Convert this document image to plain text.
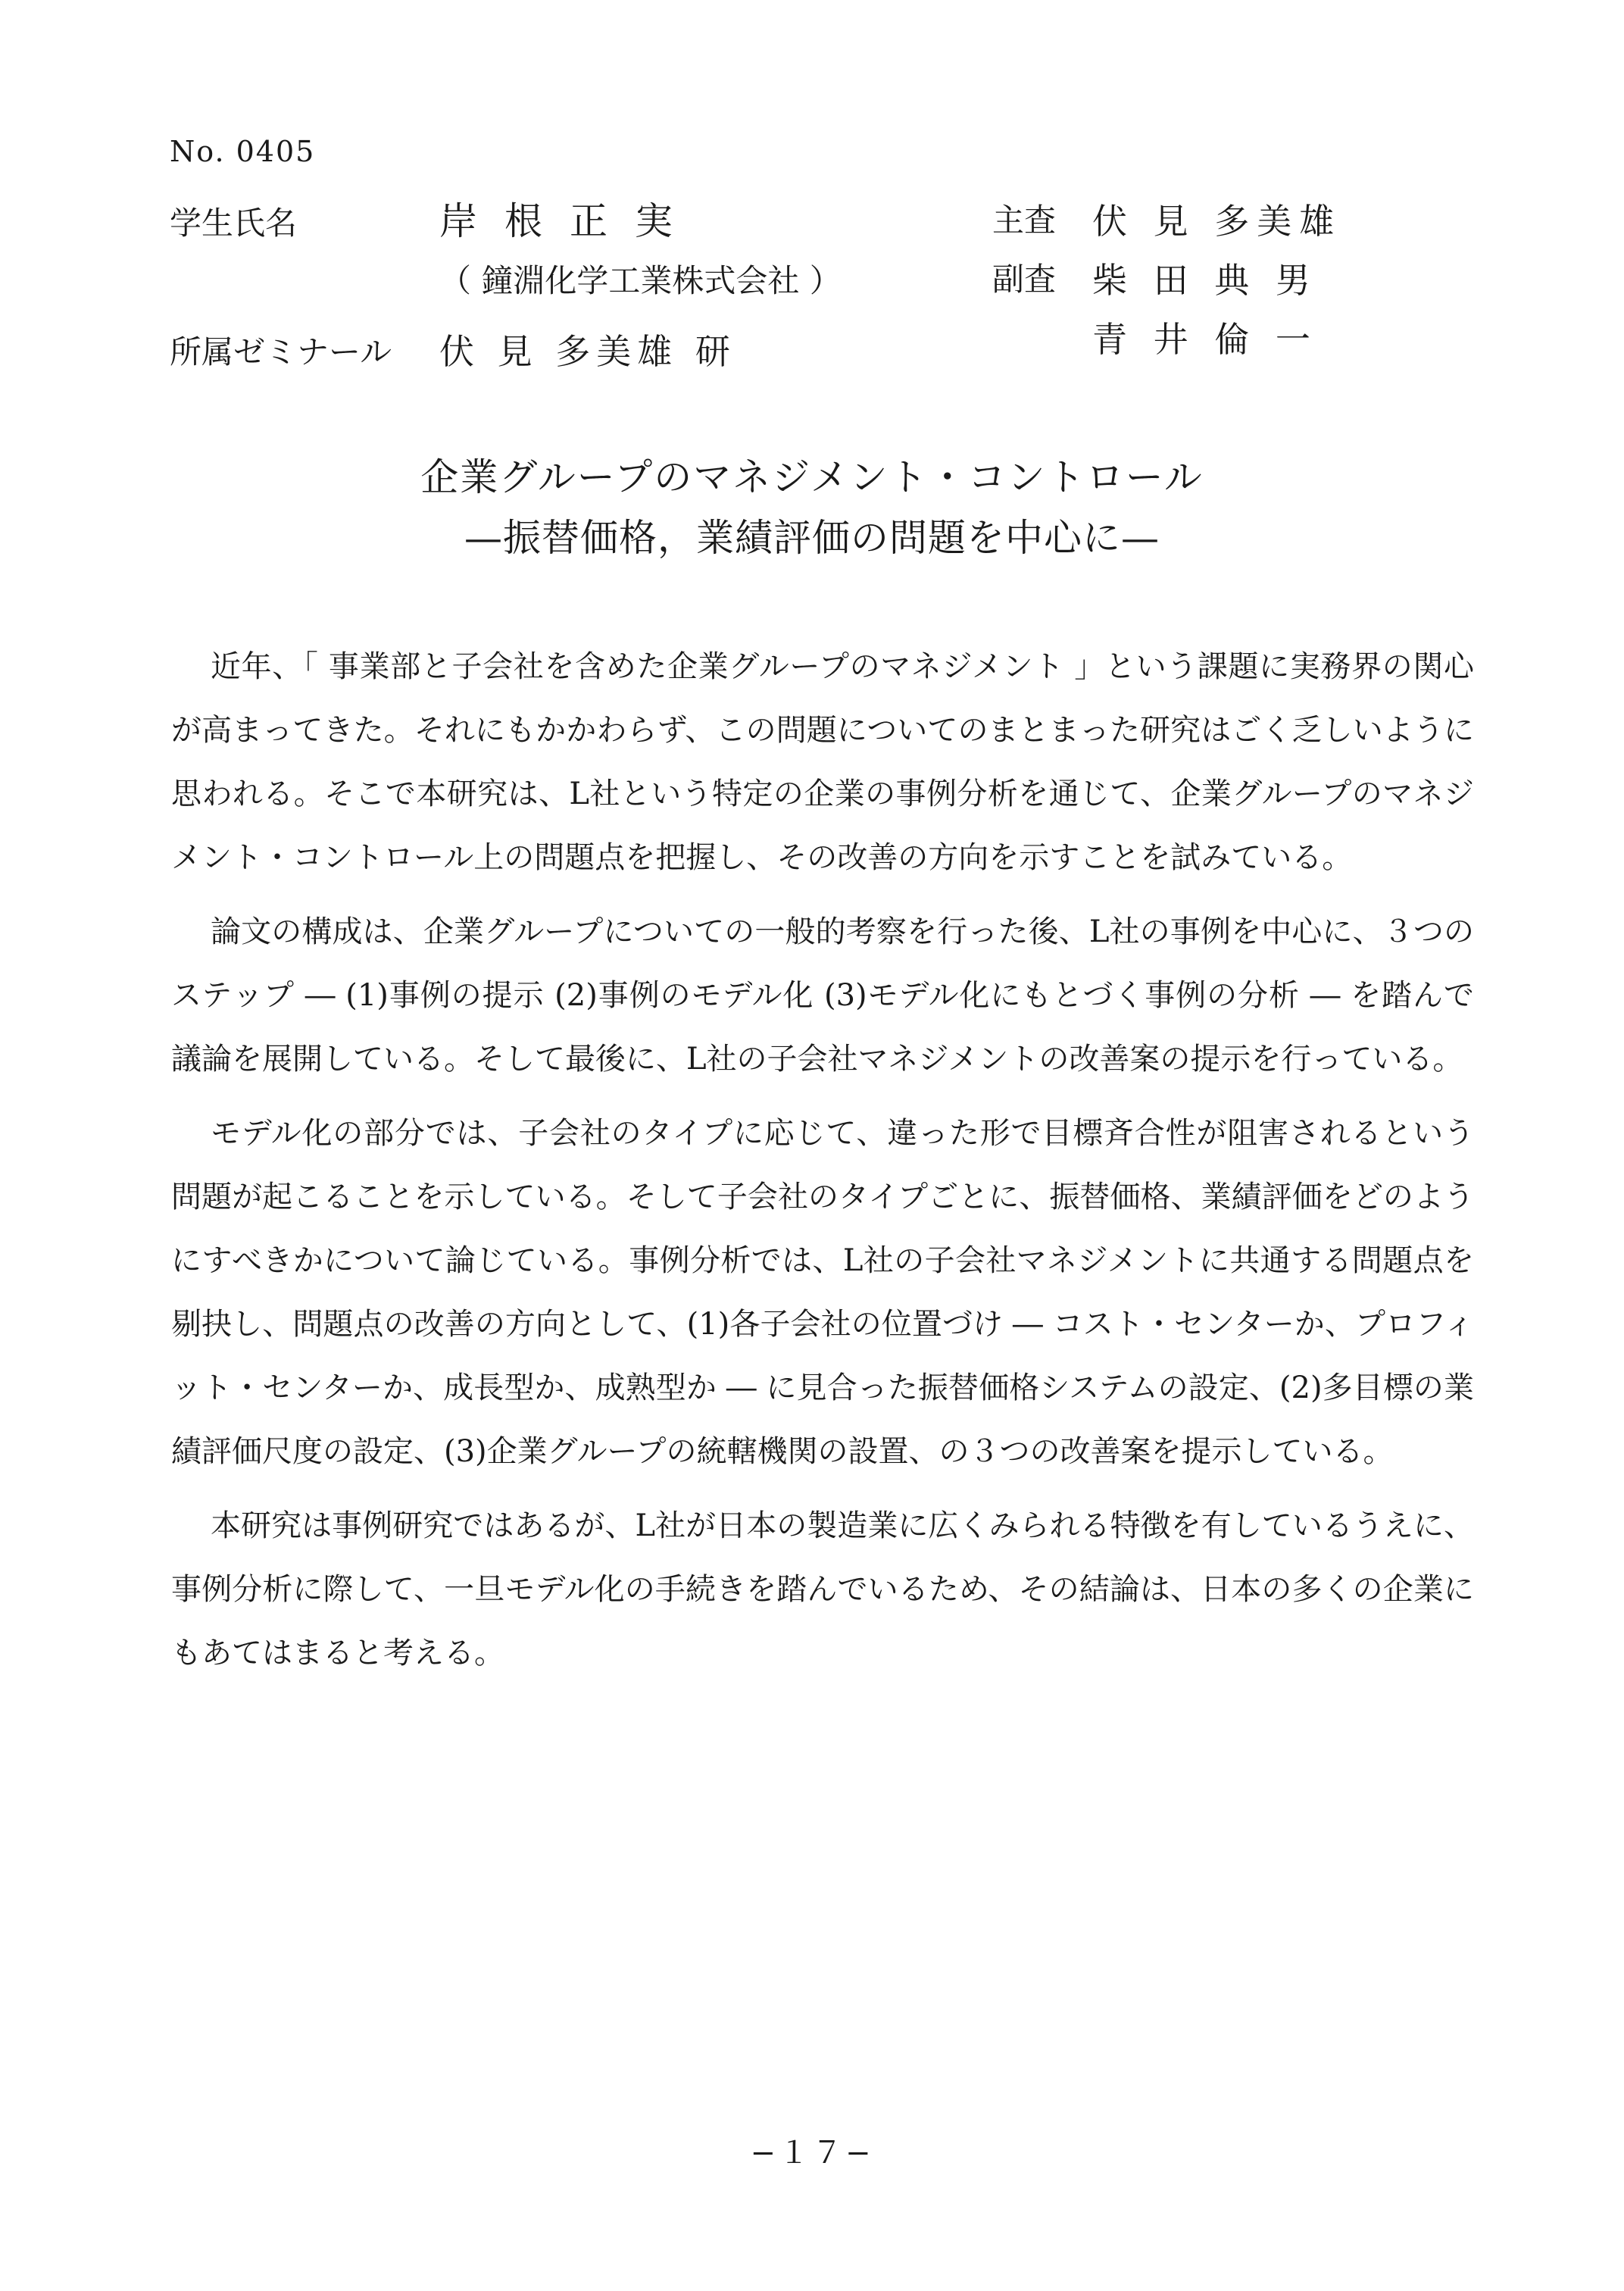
No. 0405
学生氏名	岸根正実
（ 鐘淵化学工業株式会社 ）
所属ゼミナール 伏 見 多美雄 研
主査 伏 見 多美雄
副査 柴 田 典 男
青 井 倫 一
企業グループのマネジメント・コントロール
—振替価格，業績評価の問題を中心に—

近年、「 事業部と子会社を含めた企業グループのマネジメント 」という課題に実務界の関心が高まってきた。それにもかかわらず、この問題についてのまとまった研究はごく乏しいように思われる。そこで本研究は、L社という特定の企業の事例分析を通じて、企業グループのマネジメント・コントロール上の問題点を把握し、その改善の方向を示すことを試みている。

論文の構成は、企業グループについての一般的考察を行った後、L社の事例を中心に、３つのステップ ― (1)事例の提示 (2)事例のモデル化 (3)モデル化にもとづく事例の分析 ― を踏んで議論を展開している。そして最後に、L社の子会社マネジメントの改善案の提示を行っている。

モデル化の部分では、子会社のタイプに応じて、違った形で目標斉合性が阻害されるという問題が起こることを示している。そして子会社のタイプごとに、振替価格、業績評価をどのようにすべきかについて論じている。事例分析では、L社の子会社マネジメントに共通する問題点を剔抉し、問題点の改善の方向として、(1)各子会社の位置づけ ― コスト・センターか、プロフィット・センターか、成長型か、成熟型か ― に見合った振替価格システムの設定、(2)多目標の業績評価尺度の設定、(3)企業グループの統轄機関の設置、の３つの改善案を提示している。

本研究は事例研究ではあるが、L社が日本の製造業に広くみられる特徴を有しているうえに、事例分析に際して、一旦モデル化の手続きを踏んでいるため、その結論は、日本の多くの企業にもあてはまると考える。

−１７−
